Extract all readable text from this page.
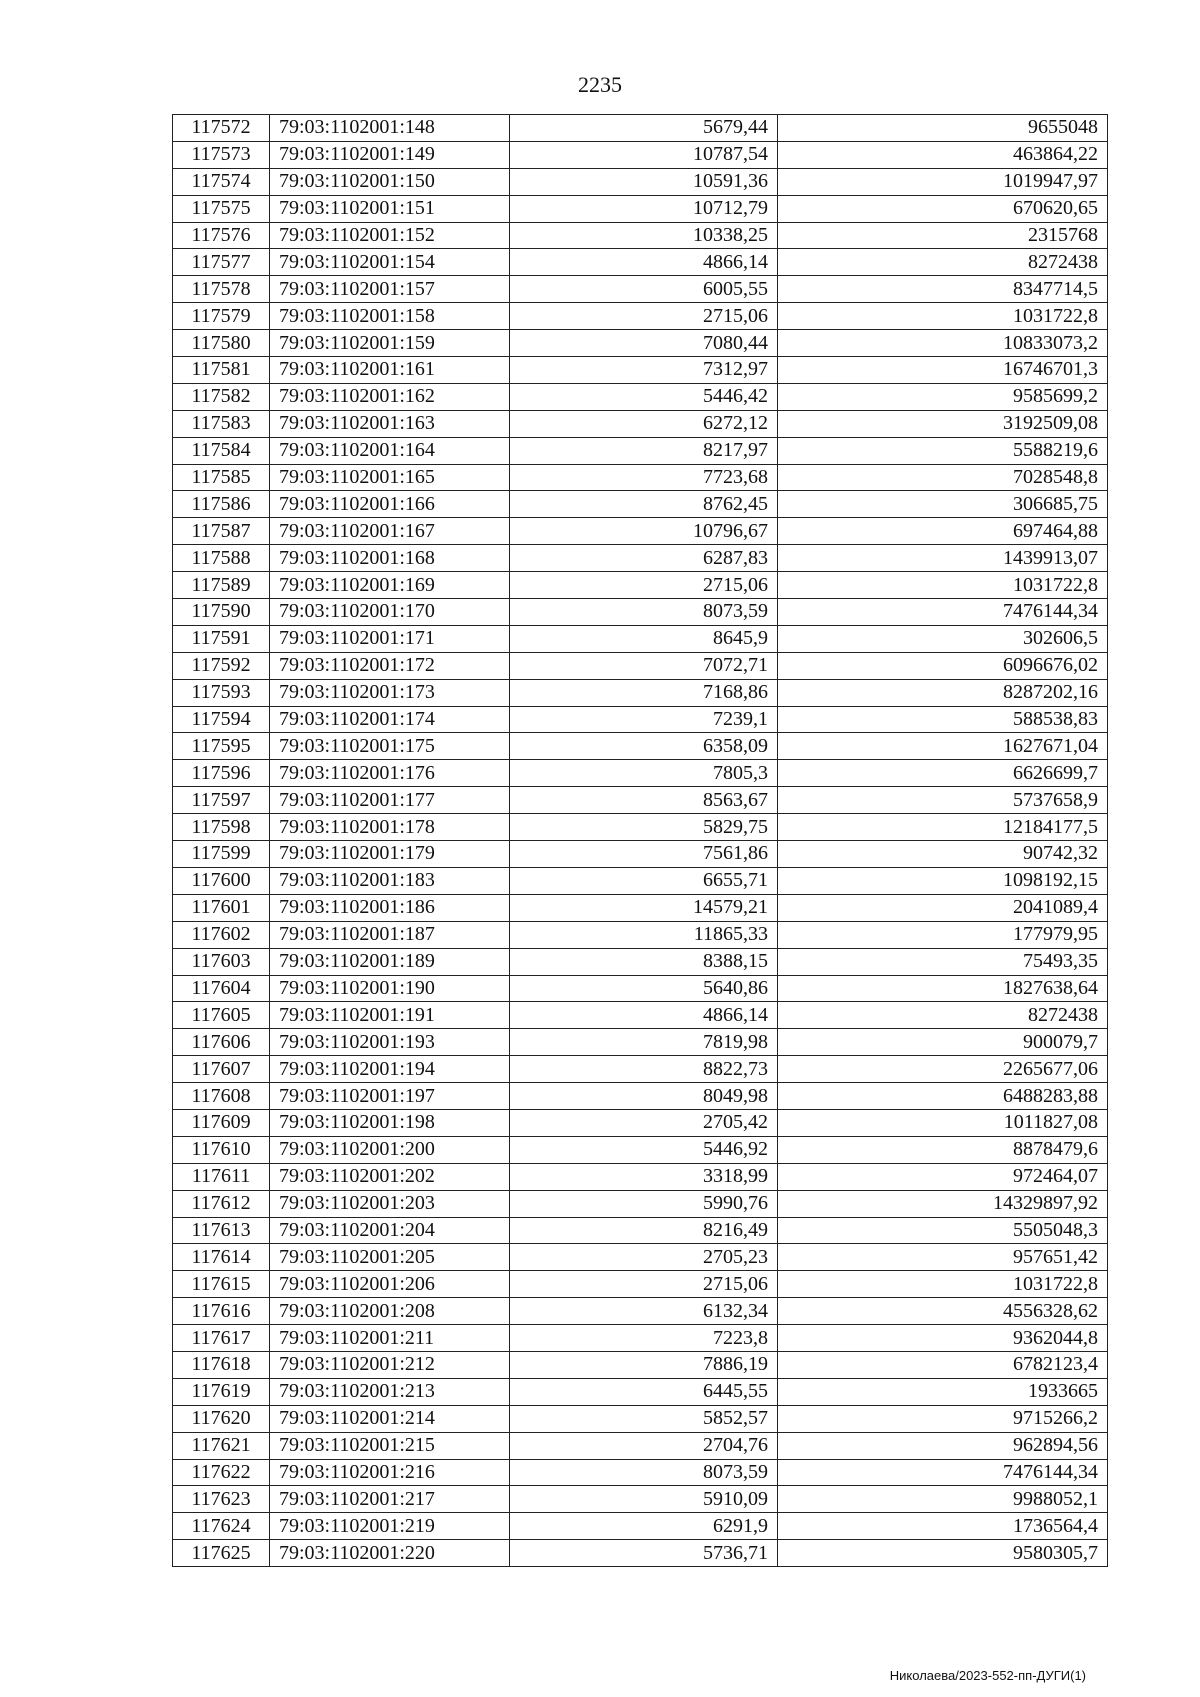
2235
117572	79:03:1102001:148	5679,44	9655048
117573	79:03:1102001:149	10787,54	463864,22
117574	79:03:1102001:150	10591,36	1019947,97
117575	79:03:1102001:151	10712,79	670620,65
117576	79:03:1102001:152	10338,25	2315768
117577	79:03:1102001:154	4866,14	8272438
117578	79:03:1102001:157	6005,55	8347714,5
117579	79:03:1102001:158	2715,06	1031722,8
117580	79:03:1102001:159	7080,44	10833073,2
117581	79:03:1102001:161	7312,97	16746701,3
117582	79:03:1102001:162	5446,42	9585699,2
117583	79:03:1102001:163	6272,12	3192509,08
117584	79:03:1102001:164	8217,97	5588219,6
117585	79:03:1102001:165	7723,68	7028548,8
117586	79:03:1102001:166	8762,45	306685,75
117587	79:03:1102001:167	10796,67	697464,88
117588	79:03:1102001:168	6287,83	1439913,07
117589	79:03:1102001:169	2715,06	1031722,8
117590	79:03:1102001:170	8073,59	7476144,34
117591	79:03:1102001:171	8645,9	302606,5
117592	79:03:1102001:172	7072,71	6096676,02
117593	79:03:1102001:173	7168,86	8287202,16
117594	79:03:1102001:174	7239,1	588538,83
117595	79:03:1102001:175	6358,09	1627671,04
117596	79:03:1102001:176	7805,3	6626699,7
117597	79:03:1102001:177	8563,67	5737658,9
117598	79:03:1102001:178	5829,75	12184177,5
117599	79:03:1102001:179	7561,86	90742,32
117600	79:03:1102001:183	6655,71	1098192,15
117601	79:03:1102001:186	14579,21	2041089,4
117602	79:03:1102001:187	11865,33	177979,95
117603	79:03:1102001:189	8388,15	75493,35
117604	79:03:1102001:190	5640,86	1827638,64
117605	79:03:1102001:191	4866,14	8272438
117606	79:03:1102001:193	7819,98	900079,7
117607	79:03:1102001:194	8822,73	2265677,06
117608	79:03:1102001:197	8049,98	6488283,88
117609	79:03:1102001:198	2705,42	1011827,08
117610	79:03:1102001:200	5446,92	8878479,6
117611	79:03:1102001:202	3318,99	972464,07
117612	79:03:1102001:203	5990,76	14329897,92
117613	79:03:1102001:204	8216,49	5505048,3
117614	79:03:1102001:205	2705,23	957651,42
117615	79:03:1102001:206	2715,06	1031722,8
117616	79:03:1102001:208	6132,34	4556328,62
117617	79:03:1102001:211	7223,8	9362044,8
117618	79:03:1102001:212	7886,19	6782123,4
117619	79:03:1102001:213	6445,55	1933665
117620	79:03:1102001:214	5852,57	9715266,2
117621	79:03:1102001:215	2704,76	962894,56
117622	79:03:1102001:216	8073,59	7476144,34
117623	79:03:1102001:217	5910,09	9988052,1
117624	79:03:1102001:219	6291,9	1736564,4
117625	79:03:1102001:220	5736,71	9580305,7
Николаева/2023-552-пп-ДУГИ(1)
